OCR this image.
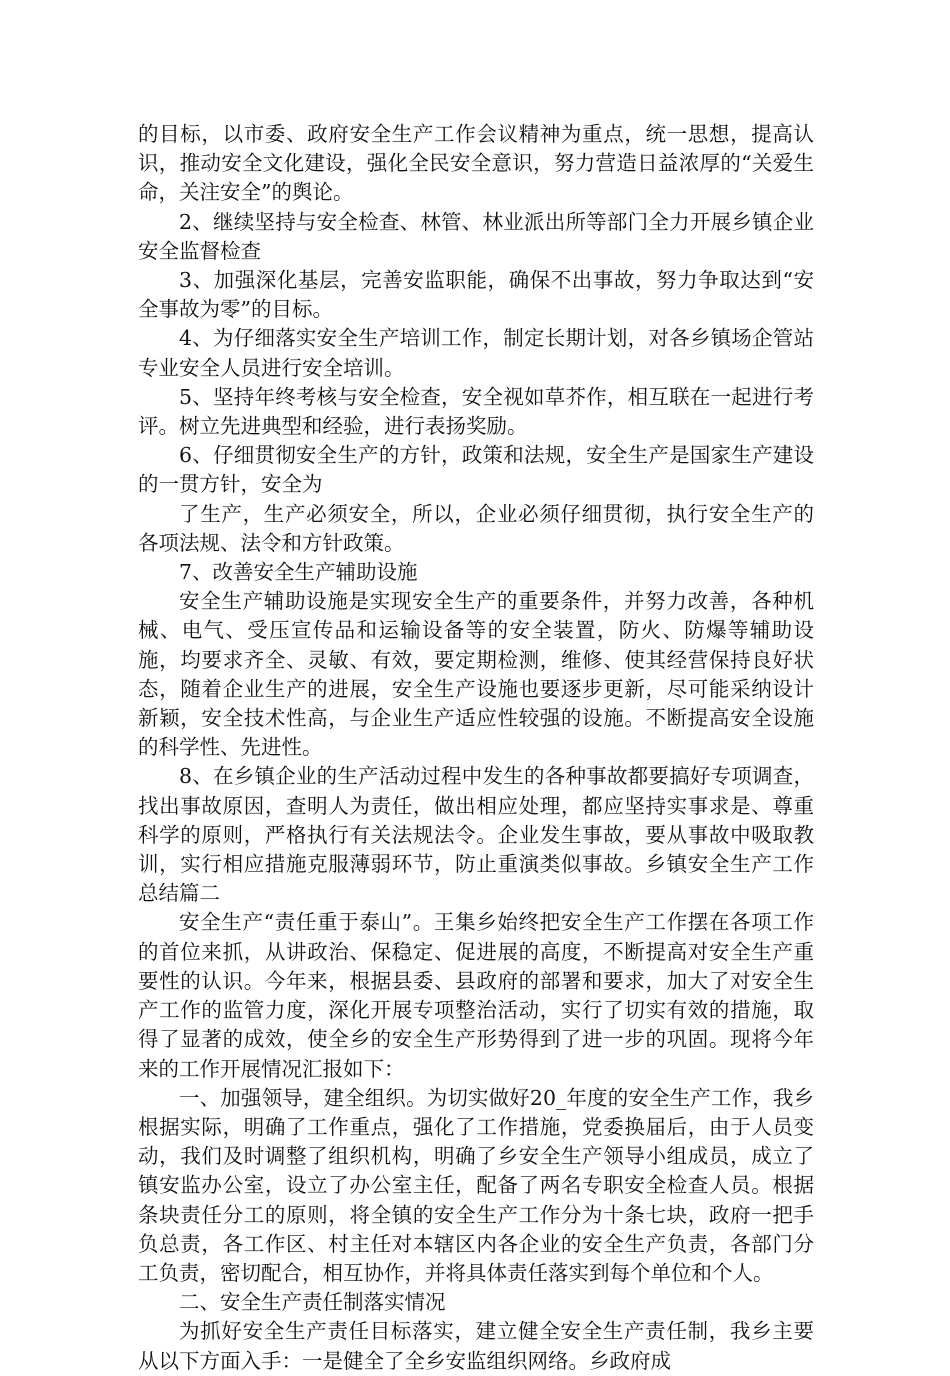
的目标，以市委、政府安全生产工作会议精神为重点，统一思想，提高认识，推动安全文化建设，强化全民安全意识，努力营造日益浓厚的“关爱生命，关注安全”的舆论。

2、继续坚持与安全检查、林管、林业派出所等部门全力开展乡镇企业安全监督检查

3、加强深化基层，完善安监职能，确保不出事故，努力争取达到“安全事故为零”的目标。

4、为仔细落实安全生产培训工作，制定长期计划，对各乡镇场企管站专业安全人员进行安全培训。

5、坚持年终考核与安全检查，安全视如草芥作，相互联在一起进行考评。树立先进典型和经验，进行表扬奖励。

6、仔细贯彻安全生产的方针，政策和法规，安全生产是国家生产建设的一贯方针，安全为

了生产，生产必须安全，所以，企业必须仔细贯彻，执行安全生产的各项法规、法令和方针政策。

7、改善安全生产辅助设施

安全生产辅助设施是实现安全生产的重要条件，并努力改善，各种机械、电气、受压宣传品和运输设备等的安全装置，防火、防爆等辅助设施，均要求齐全、灵敏、有效，要定期检测，维修、使其经营保持良好状态，随着企业生产的进展，安全生产设施也要逐步更新，尽可能采纳设计新颖，安全技术性高，与企业生产适应性较强的设施。不断提高安全设施的科学性、先进性。

8、在乡镇企业的生产活动过程中发生的各种事故都要搞好专项调查，找出事故原因，查明人为责任，做出相应处理，都应坚持实事求是、尊重科学的原则，严格执行有关法规法令。企业发生事故，要从事故中吸取教训，实行相应措施克服薄弱环节，防止重演类似事故。乡镇安全生产工作总结篇二

安全生产“责任重于泰山”。王集乡始终把安全生产工作摆在各项工作的首位来抓，从讲政治、保稳定、促进展的高度，不断提高对安全生产重要性的认识。今年来，根据县委、县政府的部署和要求，加大了对安全生产工作的监管力度，深化开展专项整治活动，实行了切实有效的措施，取得了显著的成效，使全乡的安全生产形势得到了进一步的巩固。现将今年来的工作开展情况汇报如下：

一、加强领导，建全组织。为切实做好20_年度的安全生产工作，我乡根据实际，明确了工作重点，强化了工作措施，党委换届后，由于人员变动，我们及时调整了组织机构，明确了乡安全生产领导小组成员，成立了镇安监办公室，设立了办公室主任，配备了两名专职安全检查人员。根据条块责任分工的原则，将全镇的安全生产工作分为十条七块，政府一把手负总责，各工作区、村主任对本辖区内各企业的安全生产负责，各部门分工负责，密切配合，相互协作，并将具体责任落实到每个单位和个人。

二、安全生产责任制落实情况

为抓好安全生产责任目标落实，建立健全安全生产责任制，我乡主要从以下方面入手：一是健全了全乡安监组织网络。乡政府成
